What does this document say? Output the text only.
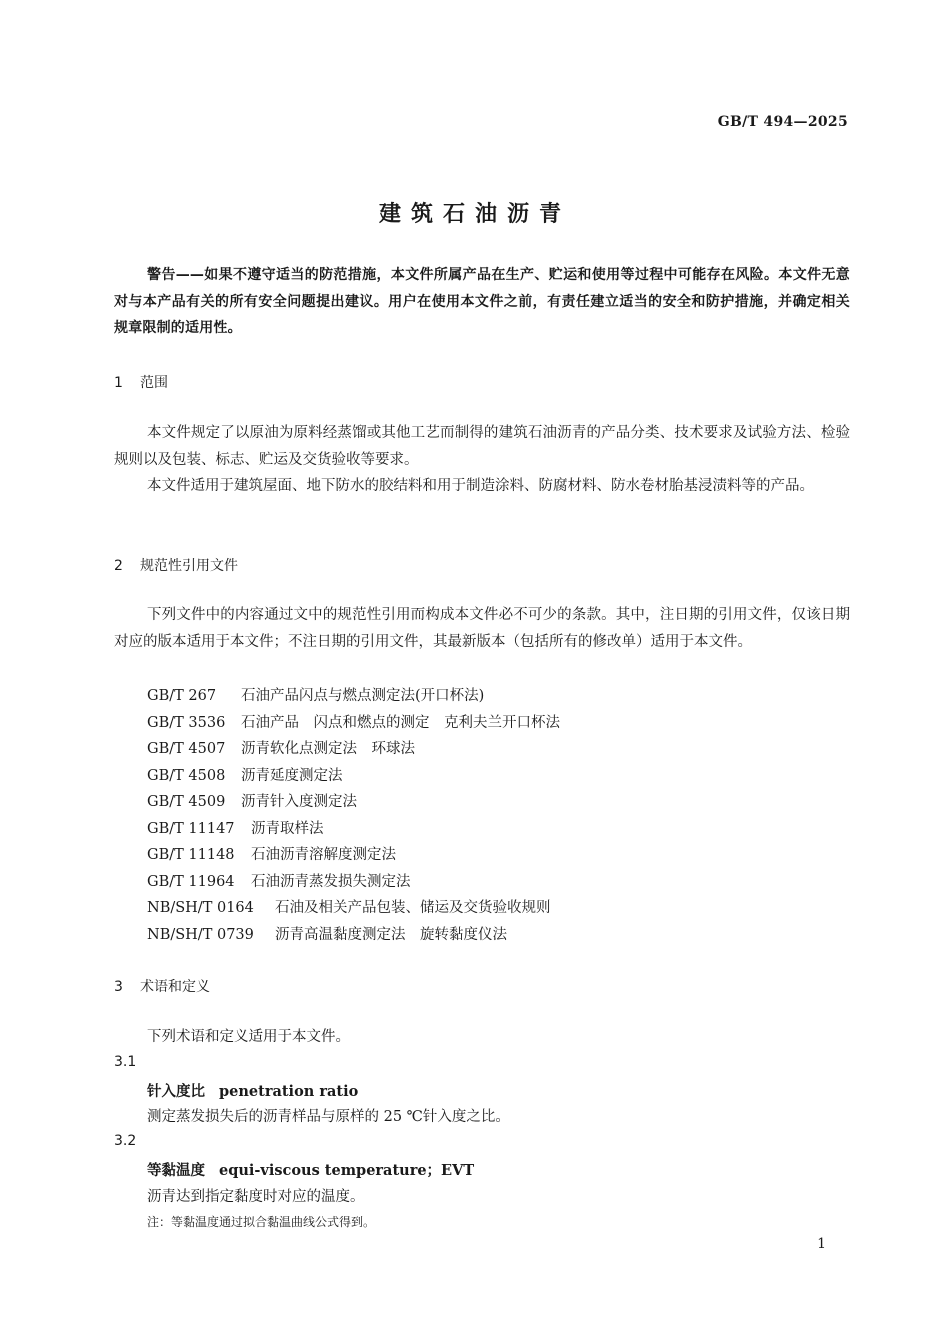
GB/T 494—2025
建筑石油沥青
警告——如果不遵守适当的防范措施，本文件所属产品在生产、贮运和使用等过程中可能存在风险。本文件无意对与本产品有关的所有安全问题提出建议。用户在使用本文件之前，有责任建立适当的安全和防护措施，并确定相关规章限制的适用性。
1 范围
本文件规定了以原油为原料经蒸馏或其他工艺而制得的建筑石油沥青的产品分类、技术要求及试验方法、检验规则以及包装、标志、贮运及交货验收等要求。
本文件适用于建筑屋面、地下防水的胶结料和用于制造涂料、防腐材料、防水卷材胎基浸渍料等的产品。
2 规范性引用文件
下列文件中的内容通过文中的规范性引用而构成本文件必不可少的条款。其中，注日期的引用文件，仅该日期对应的版本适用于本文件；不注日期的引用文件，其最新版本（包括所有的修改单）适用于本文件。
GB/T 267 石油产品闪点与燃点测定法(开口杯法)
GB/T 3536 石油产品　闪点和燃点的测定　克利夫兰开口杯法
GB/T 4507 沥青软化点测定法　环球法
GB/T 4508 沥青延度测定法
GB/T 4509 沥青针入度测定法
GB/T 11147 沥青取样法
GB/T 11148 石油沥青溶解度测定法
GB/T 11964 石油沥青蒸发损失测定法
NB/SH/T 0164 石油及相关产品包装、储运及交货验收规则
NB/SH/T 0739 沥青高温黏度测定法　旋转黏度仪法
3 术语和定义
下列术语和定义适用于本文件。
3.1
针入度比 penetration ratio
测定蒸发损失后的沥青样品与原样的 25 ℃针入度之比。
3.2
等黏温度 equi-viscous temperature；EVT
沥青达到指定黏度时对应的温度。
注：等黏温度通过拟合黏温曲线公式得到。
1
